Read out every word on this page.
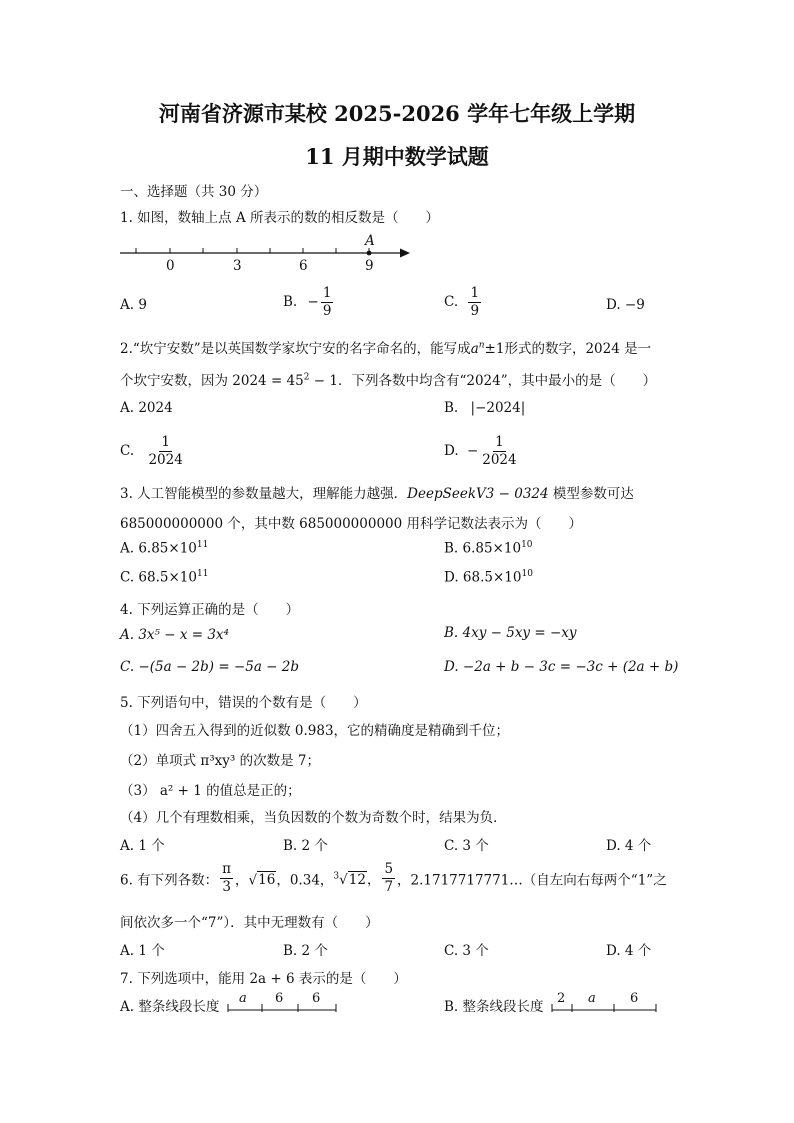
河南省济源市某校 2025-2026 学年七年级上学期
11 月期中数学试题
一、选择题（共 30 分）
1. 如图，数轴上点 A 所表示的数的相反数是（　　）
A
0	3	6	9
A. 9	B. − $\frac{1}{9}$	C. $\frac{1}{9}$	D. −9
2.“坎宁安数”是以英国数学家坎宁安的名字命名的，能写成$a^n\pm 1$形式的数字，2024 是一
个坎宁安数，因为 $2024 = 45^2 - 1$．下列各数中均含有“2024”，其中最小的是（　　）
A. 2024	B. |−2024|
C. $\frac{1}{2024}$	D. − $\frac{1}{2024}$
3. 人工智能模型的参数量越大，理解能力越强．DeepSeekV3 − 0324 模型参数可达
685000000000 个，其中数 685000000000 用科学记数法表示为（　　）
A. $6.85\times 10^{11}$	B. $6.85\times 10^{10}$
C. $68.5\times 10^{11}$	D. $68.5\times 10^{10}$
4. 下列运算正确的是（　　）
A. 3x⁵ − x = 3x⁴	B. 4xy − 5xy = −xy
C. −(5a − 2b) = −5a − 2b	D. −2a + b − 3c = −3c + (2a + b)
5. 下列语句中，错误的个数有是（　　）
（1）四舍五入得到的近似数 0.983，它的精确度是精确到千位；
（2）单项式 π³xy³ 的次数是 7；
（3） a² + 1 的值总是正的；
（4）几个有理数相乘，当负因数的个数为奇数个时，结果为负．
A. 1 个	B. 2 个	C. 3 个	D. 4 个
6. 有下列各数： $\frac{\pi}{3}$ ，√16，0.34，$^3$√12， $\frac{5}{7}$ ，2.1717717771…（自左向右每两个“1”之
间依次多一个“7”）．其中无理数有（　　）
A. 1 个	B. 2 个	C. 3 个	D. 4 个
7. 下列选项中，能用 2a + 6 表示的是（　　）
A. 整条线段长度	B. 整条线段长度
a 6 6	2 a	6
